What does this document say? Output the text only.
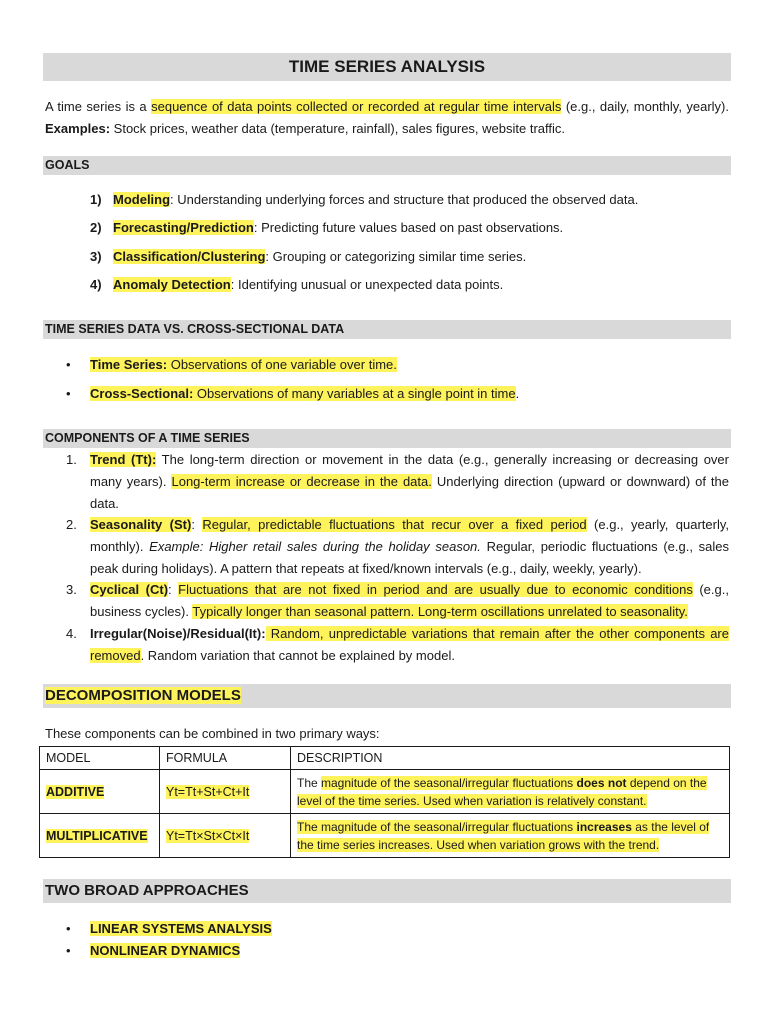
TIME SERIES ANALYSIS
A time series is a sequence of data points collected or recorded at regular time intervals (e.g., daily, monthly, yearly). Examples: Stock prices, weather data (temperature, rainfall), sales figures, website traffic.
GOALS
1) Modeling: Understanding underlying forces and structure that produced the observed data.
2) Forecasting/Prediction: Predicting future values based on past observations.
3) Classification/Clustering: Grouping or categorizing similar time series.
4) Anomaly Detection: Identifying unusual or unexpected data points.
TIME SERIES DATA VS. CROSS-SECTIONAL DATA
• Time Series: Observations of one variable over time.
• Cross-Sectional: Observations of many variables at a single point in time.
COMPONENTS OF A TIME SERIES
1.	Trend (Tt): The long-term direction or movement in the data (e.g., generally increasing or decreasing over many years). Long-term increase or decrease in the data. Underlying direction (upward or downward) of the data.
2.	Seasonality (St): Regular, predictable fluctuations that recur over a fixed period (e.g., yearly, quarterly, monthly). Example: Higher retail sales during the holiday season. Regular, periodic fluctuations (e.g., sales peak during holidays). A pattern that repeats at fixed/known intervals (e.g., daily, weekly, yearly).
3.	Cyclical (Ct): Fluctuations that are not fixed in period and are usually due to economic conditions (e.g., business cycles). Typically longer than seasonal pattern. Long-term oscillations unrelated to seasonality.
4.	Irregular(Noise)/Residual(It): Random, unpredictable variations that remain after the other components are removed. Random variation that cannot be explained by model.
DECOMPOSITION MODELS
These components can be combined in two primary ways:
MODEL	FORMULA	DESCRIPTION
ADDITIVE	Yt=Tt+St+Ct+It	The magnitude of the seasonal/irregular fluctuations does not depend on the level of the time series. Used when variation is relatively constant.
MULTIPLICATIVE	Yt=Tt×St×Ct×It	The magnitude of the seasonal/irregular fluctuations increases as the level of the time series increases. Used when variation grows with the trend.
TWO BROAD APPROACHES
• LINEAR SYSTEMS ANALYSIS
• NONLINEAR DYNAMICS
